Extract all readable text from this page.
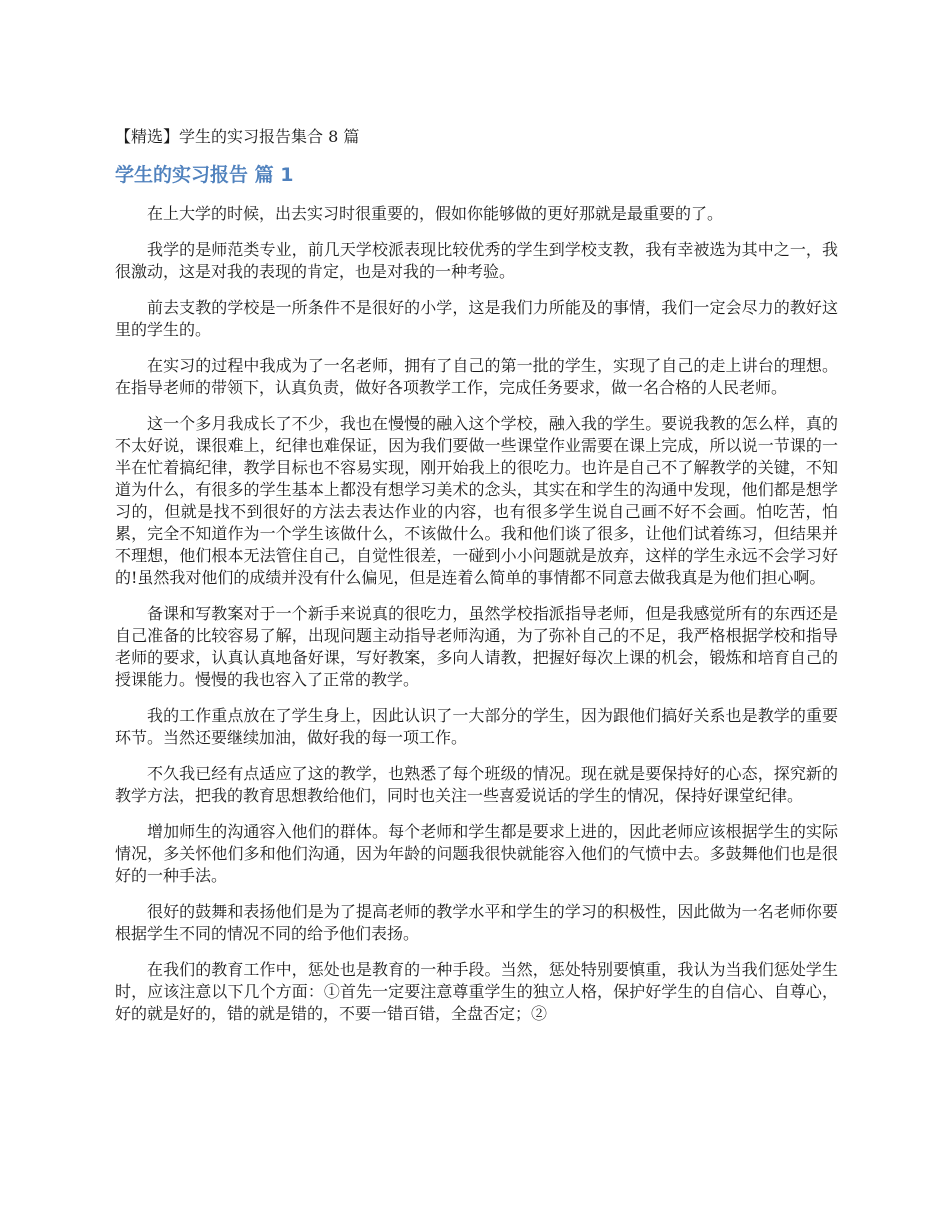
【精选】学生的实习报告集合 8 篇
学生的实习报告 篇 1

在上大学的时候，出去实习时很重要的，假如你能够做的更好那就是最重要的了。

我学的是师范类专业，前几天学校派表现比较优秀的学生到学校支教，我有幸被选为其中之一，我很激动，这是对我的表现的肯定，也是对我的一种考验。

前去支教的学校是一所条件不是很好的小学，这是我们力所能及的事情，我们一定会尽力的教好这里的学生的。

在实习的过程中我成为了一名老师，拥有了自己的第一批的学生，实现了自己的走上讲台的理想。在指导老师的带领下，认真负责，做好各项教学工作，完成任务要求，做一名合格的人民老师。

这一个多月我成长了不少，我也在慢慢的融入这个学校，融入我的学生。要说我教的怎么样，真的不太好说，课很难上，纪律也难保证，因为我们要做一些课堂作业需要在课上完成，所以说一节课的一半在忙着搞纪律，教学目标也不容易实现，刚开始我上的很吃力。也许是自己不了解教学的关键，不知道为什么，有很多的学生基本上都没有想学习美术的念头，其实在和学生的沟通中发现，他们都是想学习的，但就是找不到很好的方法去表达作业的内容，也有很多学生说自己画不好不会画。怕吃苦，怕累，完全不知道作为一个学生该做什么，不该做什么。我和他们谈了很多，让他们试着练习，但结果并不理想，他们根本无法管住自己，自觉性很差，一碰到小小问题就是放弃，这样的学生永远不会学习好的!虽然我对他们的成绩并没有什么偏见，但是连着么简单的事情都不同意去做我真是为他们担心啊。

备课和写教案对于一个新手来说真的很吃力，虽然学校指派指导老师，但是我感觉所有的东西还是自己准备的比较容易了解，出现问题主动指导老师沟通，为了弥补自己的不足，我严格根据学校和指导老师的要求，认真认真地备好课，写好教案，多向人请教，把握好每次上课的机会，锻炼和培育自己的授课能力。慢慢的我也容入了正常的教学。

我的工作重点放在了学生身上，因此认识了一大部分的学生，因为跟他们搞好关系也是教学的重要环节。当然还要继续加油，做好我的每一项工作。

不久我已经有点适应了这的教学，也熟悉了每个班级的情况。现在就是要保持好的心态，探究新的教学方法，把我的教育思想教给他们，同时也关注一些喜爱说话的学生的情况，保持好课堂纪律。

增加师生的沟通容入他们的群体。每个老师和学生都是要求上进的，因此老师应该根据学生的实际情况，多关怀他们多和他们沟通，因为年龄的问题我很快就能容入他们的气愤中去。多鼓舞他们也是很好的一种手法。

很好的鼓舞和表扬他们是为了提高老师的教学水平和学生的学习的积极性，因此做为一名老师你要根据学生不同的情况不同的给予他们表扬。

在我们的教育工作中，惩处也是教育的一种手段。当然，惩处特别要慎重，我认为当我们惩处学生时，应该注意以下几个方面：①首先一定要注意尊重学生的独立人格，保护好学生的自信心、自尊心，好的就是好的，错的就是错的，不要一错百错，全盘否定；②
